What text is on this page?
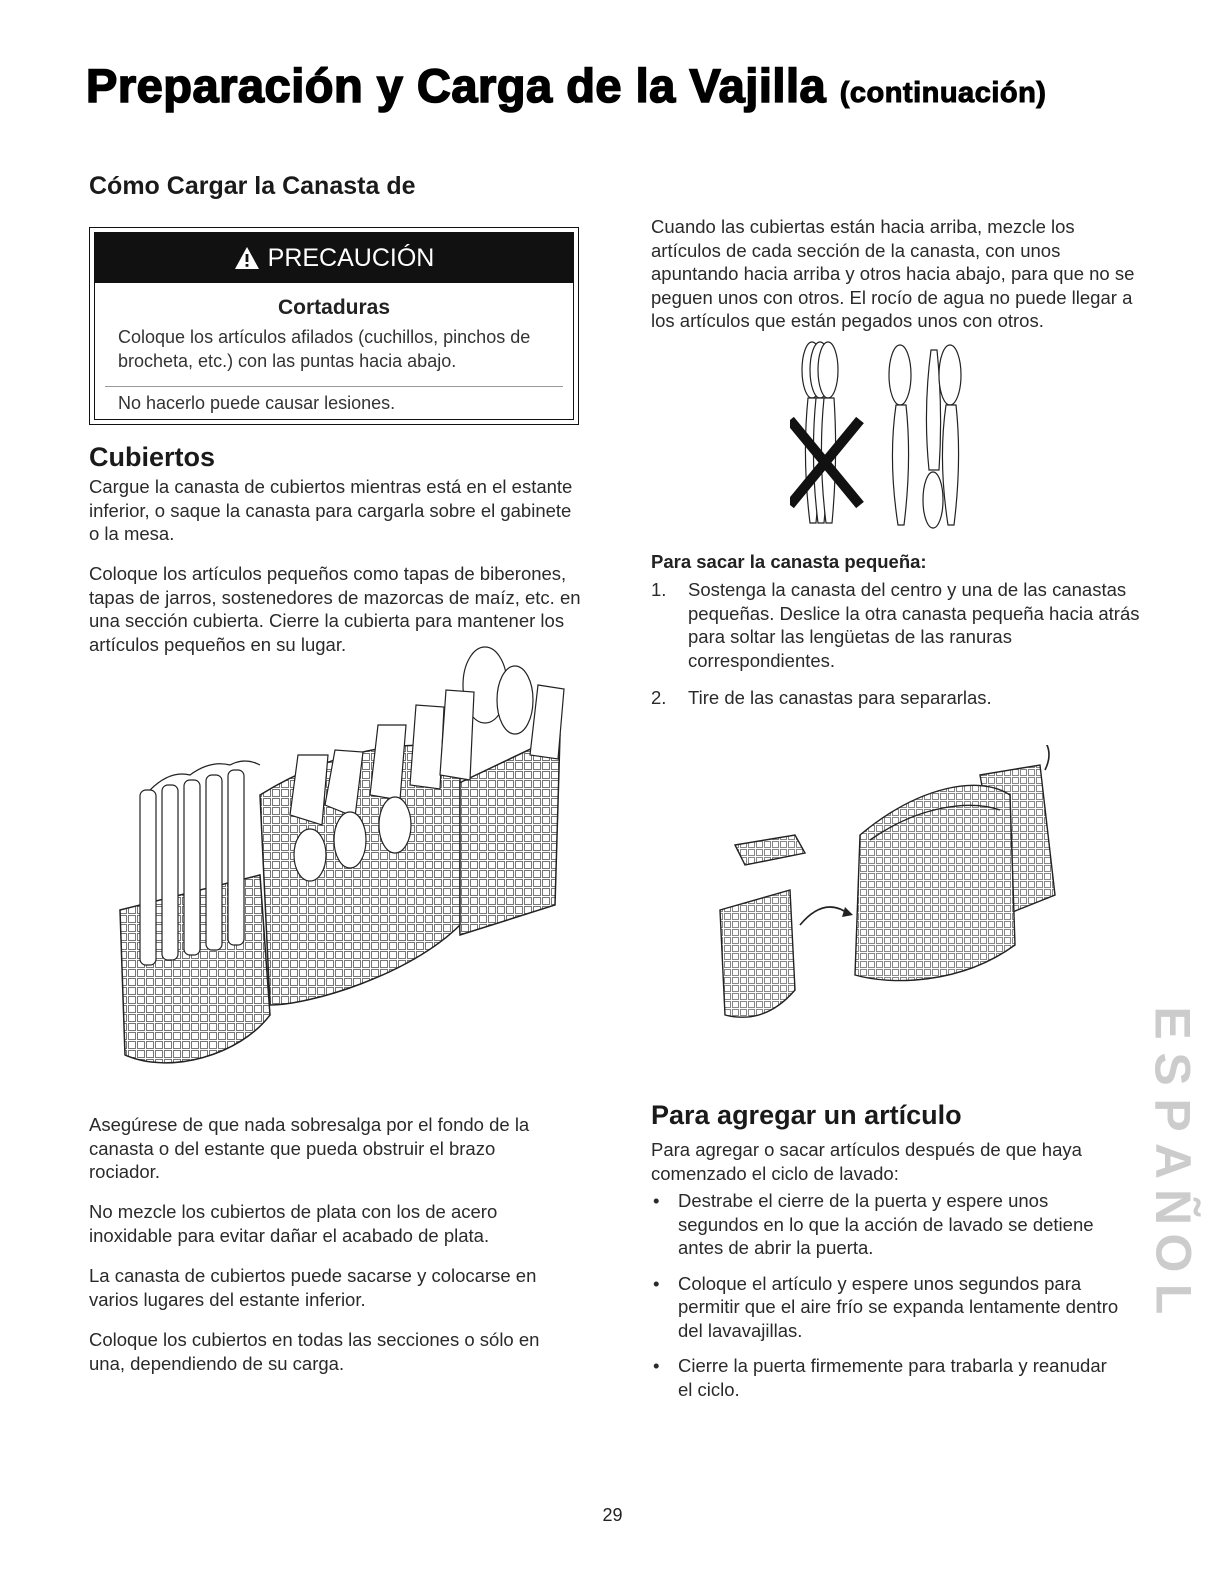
Preparación y Carga de la Vajilla (continuación)
Cómo Cargar la Canasta de
PRECAUCIÓN
Cortaduras
Coloque los artículos afilados (cuchillos, pinchos de brocheta, etc.) con las puntas hacia abajo.
No hacerlo puede causar lesiones.
Cubiertos

Cargue la canasta de cubiertos mientras está en el estante inferior, o saque la canasta para cargarla sobre el gabinete o la mesa.

Coloque los artículos pequeños como tapas de biberones, tapas de jarros, sostenedores de mazorcas de maíz, etc. en una sección cubierta. Cierre la cubierta para mantener los artículos pequeños en su lugar.

Asegúrese de que nada sobresalga por el fondo de la canasta o del estante que pueda obstruir el brazo rociador.

No mezcle los cubiertos de plata con los de acero inoxidable para evitar dañar el acabado de plata.

La canasta de cubiertos puede sacarse y colocarse en varios lugares del estante inferior.

Coloque los cubiertos en todas las secciones o sólo en una, dependiendo de su carga.

Cuando las cubiertas están hacia arriba, mezcle los artículos de cada sección de la canasta, con unos apuntando hacia arriba y otros hacia abajo, para que no se peguen unos con otros. El rocío de agua no puede llegar a los artículos que están pegados unos con otros.

Para sacar la canasta pequeña:
1. Sostenga la canasta del centro y una de las canastas pequeñas. Deslice la otra canasta pequeña hacia atrás para soltar las lengüetas de las ranuras correspondientes.
2. Tire de las canastas para separarlas.
Para agregar un artículo

Para agregar o sacar artículos después de que haya comenzado el ciclo de lavado:

• Destrabe el cierre de la puerta y espere unos segundos en lo que la acción de lavado se detiene antes de abrir la puerta.
• Coloque el artículo y espere unos segundos para permitir que el aire frío se expanda lentamente dentro del lavavajillas.
• Cierre la puerta firmemente para trabarla y reanudar el ciclo.
E
S
P
A
Ñ
O
L
29
